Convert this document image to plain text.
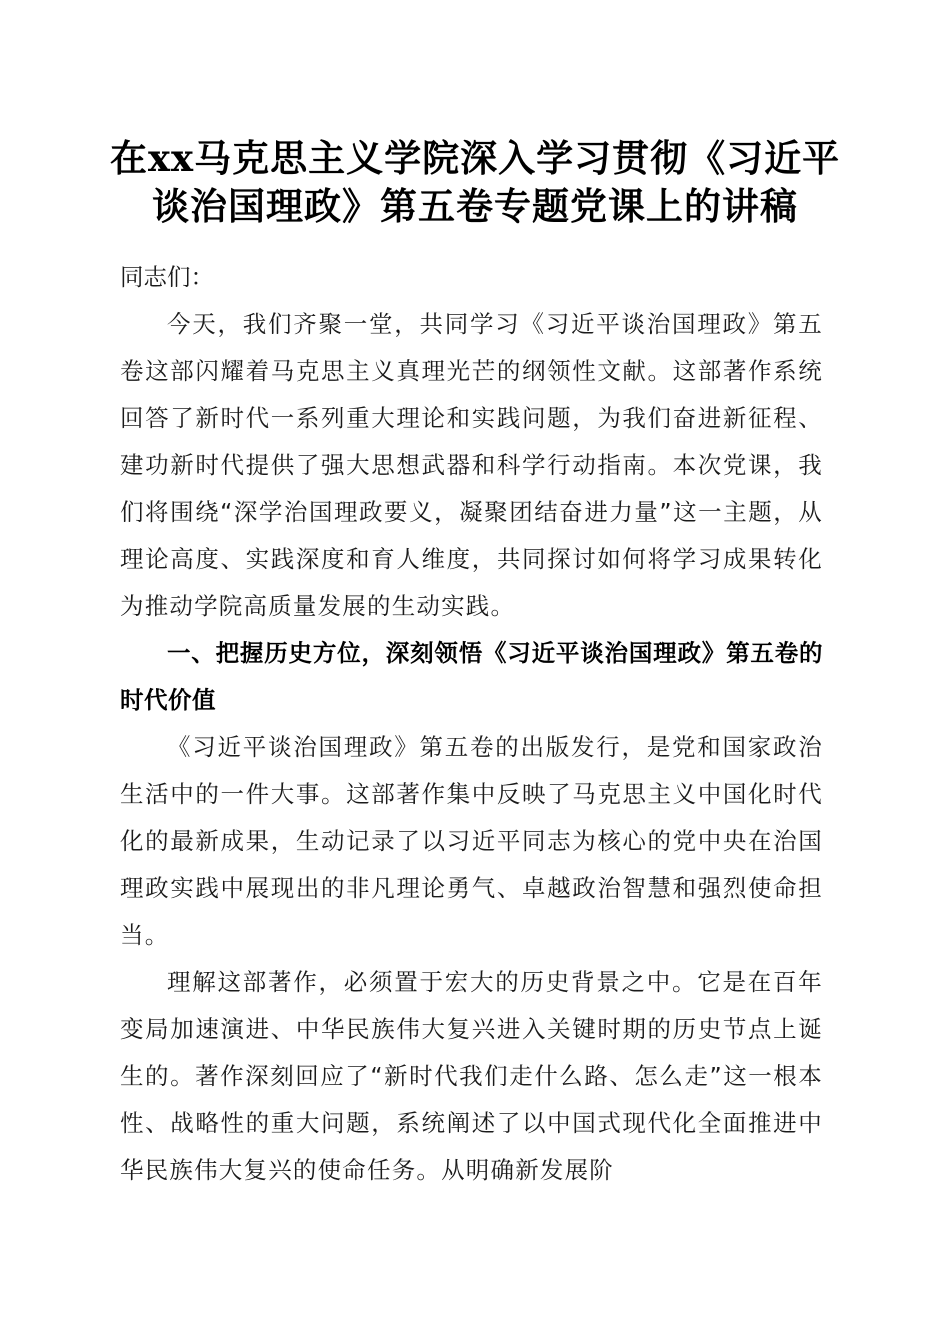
在xx马克思主义学院深入学习贯彻《习近平
谈治国理政》第五卷专题党课上的讲稿

同志们：

今天，我们齐聚一堂，共同学习《习近平谈治国理政》第五卷这部闪耀着马克思主义真理光芒的纲领性文献。这部著作系统回答了新时代一系列重大理论和实践问题，为我们奋进新征程、建功新时代提供了强大思想武器和科学行动指南。本次党课，我们将围绕“深学治国理政要义，凝聚团结奋进力量”这一主题，从理论高度、实践深度和育人维度，共同探讨如何将学习成果转化为推动学院高质量发展的生动实践。

一、把握历史方位，深刻领悟《习近平谈治国理政》第五卷的时代价值

《习近平谈治国理政》第五卷的出版发行，是党和国家政治生活中的一件大事。这部著作集中反映了马克思主义中国化时代化的最新成果，生动记录了以习近平同志为核心的党中央在治国理政实践中展现出的非凡理论勇气、卓越政治智慧和强烈使命担当。

理解这部著作，必须置于宏大的历史背景之中。它是在百年变局加速演进、中华民族伟大复兴进入关键时期的历史节点上诞生的。著作深刻回应了“新时代我们走什么路、怎么走”这一根本性、战略性的重大问题，系统阐述了以中国式现代化全面推进中华民族伟大复兴的使命任务。从明确新发展阶
